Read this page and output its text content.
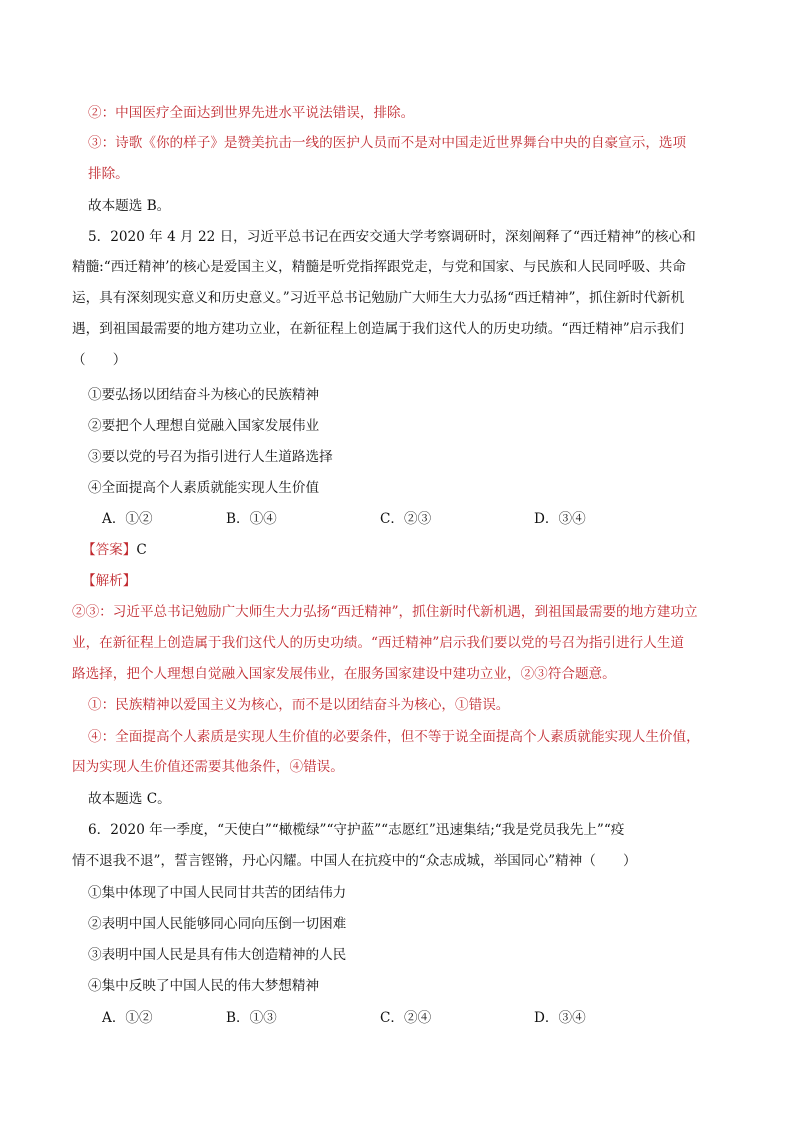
②：中国医疗全面达到世界先进水平说法错误，排除。
③：诗歌《你的样子》是赞美抗击一线的医护人员而不是对中国走近世界舞台中央的自豪宣示，选项
排除。
故本题选 B。
5．2020 年 4 月 22 日，习近平总书记在西安交通大学考察调研时，深刻阐释了“西迁精神”的核心和
精髓:“西迁精神’的核心是爱国主义，精髓是听党指挥跟党走，与党和国家、与民族和人民同呼吸、共命
运，具有深刻现实意义和历史意义。”习近平总书记勉励广大师生大力弘扬“西迁精神”，抓住新时代新机
遇，到祖国最需要的地方建功立业，在新征程上创造属于我们这代人的历史功绩。“西迁精神”启示我们
（　　）
①要弘扬以团结奋斗为核心的民族精神
②要把个人理想自觉融入国家发展伟业
③要以党的号召为指引进行人生道路选择
④全面提高个人素质就能实现人生价值
A．①②	B．①④	C．②③	D．③④
【答案】C
【解析】
②③：习近平总书记勉励广大师生大力弘扬“西迁精神”，抓住新时代新机遇，到祖国最需要的地方建功立
业，在新征程上创造属于我们这代人的历史功绩。“西迁精神”启示我们要以党的号召为指引进行人生道
路选择，把个人理想自觉融入国家发展伟业，在服务国家建设中建功立业，②③符合题意。
①：民族精神以爱国主义为核心，而不是以团结奋斗为核心，①错误。
④：全面提高个人素质是实现人生价值的必要条件，但不等于说全面提高个人素质就能实现人生价值，
因为实现人生价值还需要其他条件，④错误。
故本题选 C。
6．2020 年一季度，“天使白”“橄榄绿”“守护蓝”“志愿红”迅速集结;“我是党员我先上”“疫
情不退我不退”，誓言铿锵，丹心闪耀。中国人在抗疫中的“众志成城，举国同心”精神（　　）
①集中体现了中国人民同甘共苦的团结伟力
②表明中国人民能够同心同向压倒一切困难
③表明中国人民是具有伟大创造精神的人民
④集中反映了中国人民的伟大梦想精神
A．①②	B．①③	C．②④	D．③④
